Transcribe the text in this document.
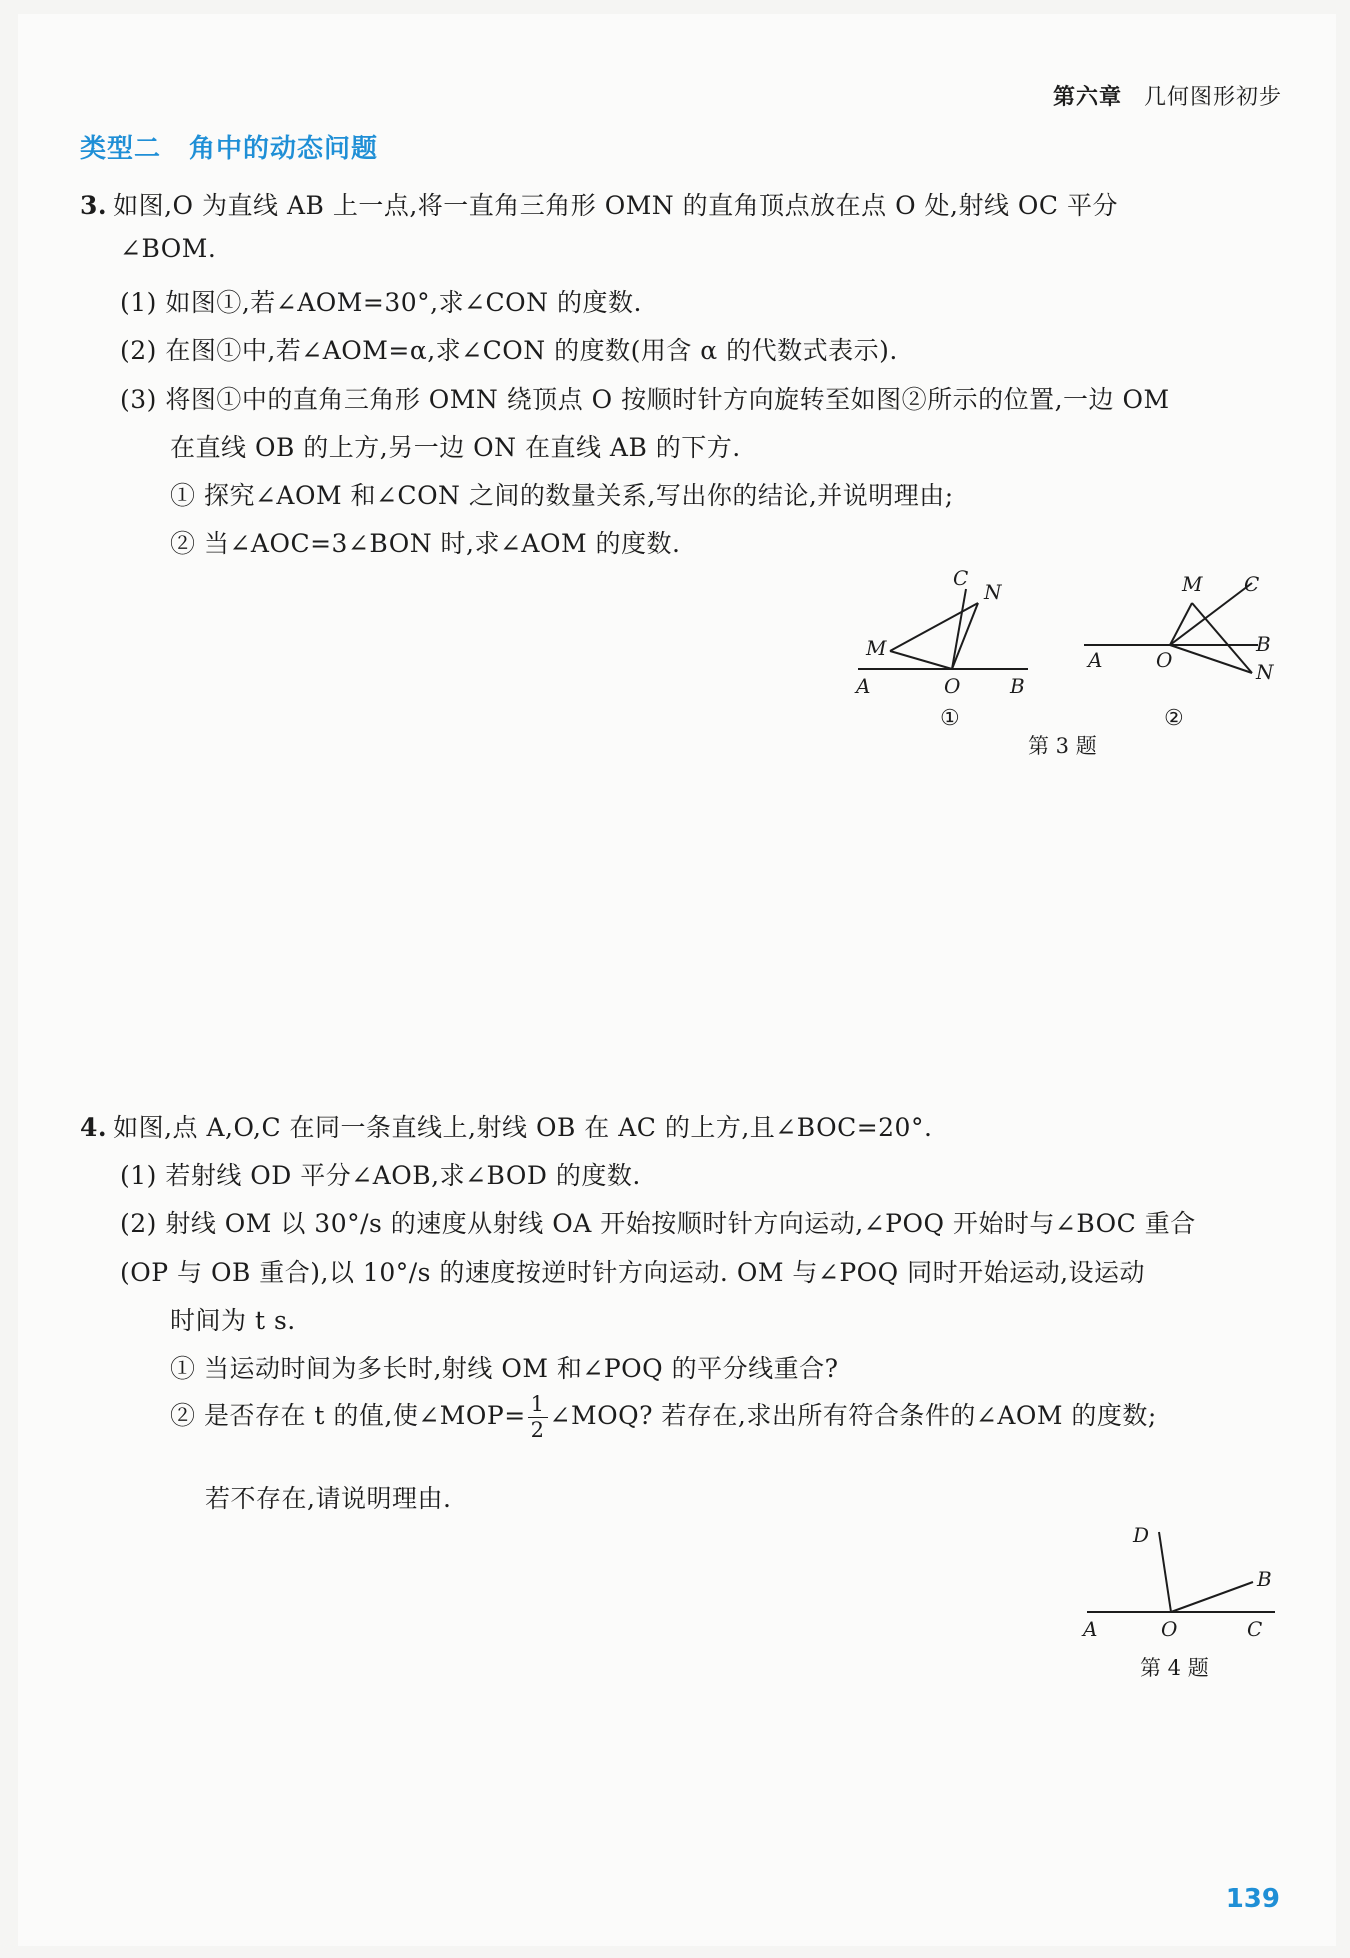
第六章 几何图形初步
类型二 角中的动态问题
3. 如图,O 为直线 AB 上一点,将一直角三角形 OMN 的直角顶点放在点 O 处,射线 OC 平分
∠BOM.
(1) 如图①,若∠AOM=30°,求∠CON 的度数.
(2) 在图①中,若∠AOM=α,求∠CON 的度数(用含 α 的代数式表示).
(3) 将图①中的直角三角形 OMN 绕顶点 O 按顺时针方向旋转至如图②所示的位置,一边 OM
在直线 OB 的上方,另一边 ON 在直线 AB 的下方.
① 探究∠AOM 和∠CON 之间的数量关系,写出你的结论,并说明理由;
② 当∠AOC=3∠BON 时,求∠AOM 的度数.
C
N
M
A	O B
①
M C
A	O
B
N
②
第 3 题
4. 如图,点 A,O,C 在同一条直线上,射线 OB 在 AC 的上方,且∠BOC=20°.
(1) 若射线 OD 平分∠AOB,求∠BOD 的度数.
(2) 射线 OM 以 30°/s 的速度从射线 OA 开始按顺时针方向运动,∠POQ 开始时与∠BOC 重合
(OP 与 OB 重合),以 10°/s 的速度按逆时针方向运动. OM 与∠POQ 同时开始运动,设运动
时间为 t s.
① 当运动时间为多长时,射线 OM 和∠POQ 的平分线重合?
② 是否存在 t 的值,使∠MOP= $\frac{1}{2}$ ∠MOQ? 若存在,求出所有符合条件的∠AOM 的度数;
若不存在,请说明理由.
D
B
A	O	C
第 4 题
139
